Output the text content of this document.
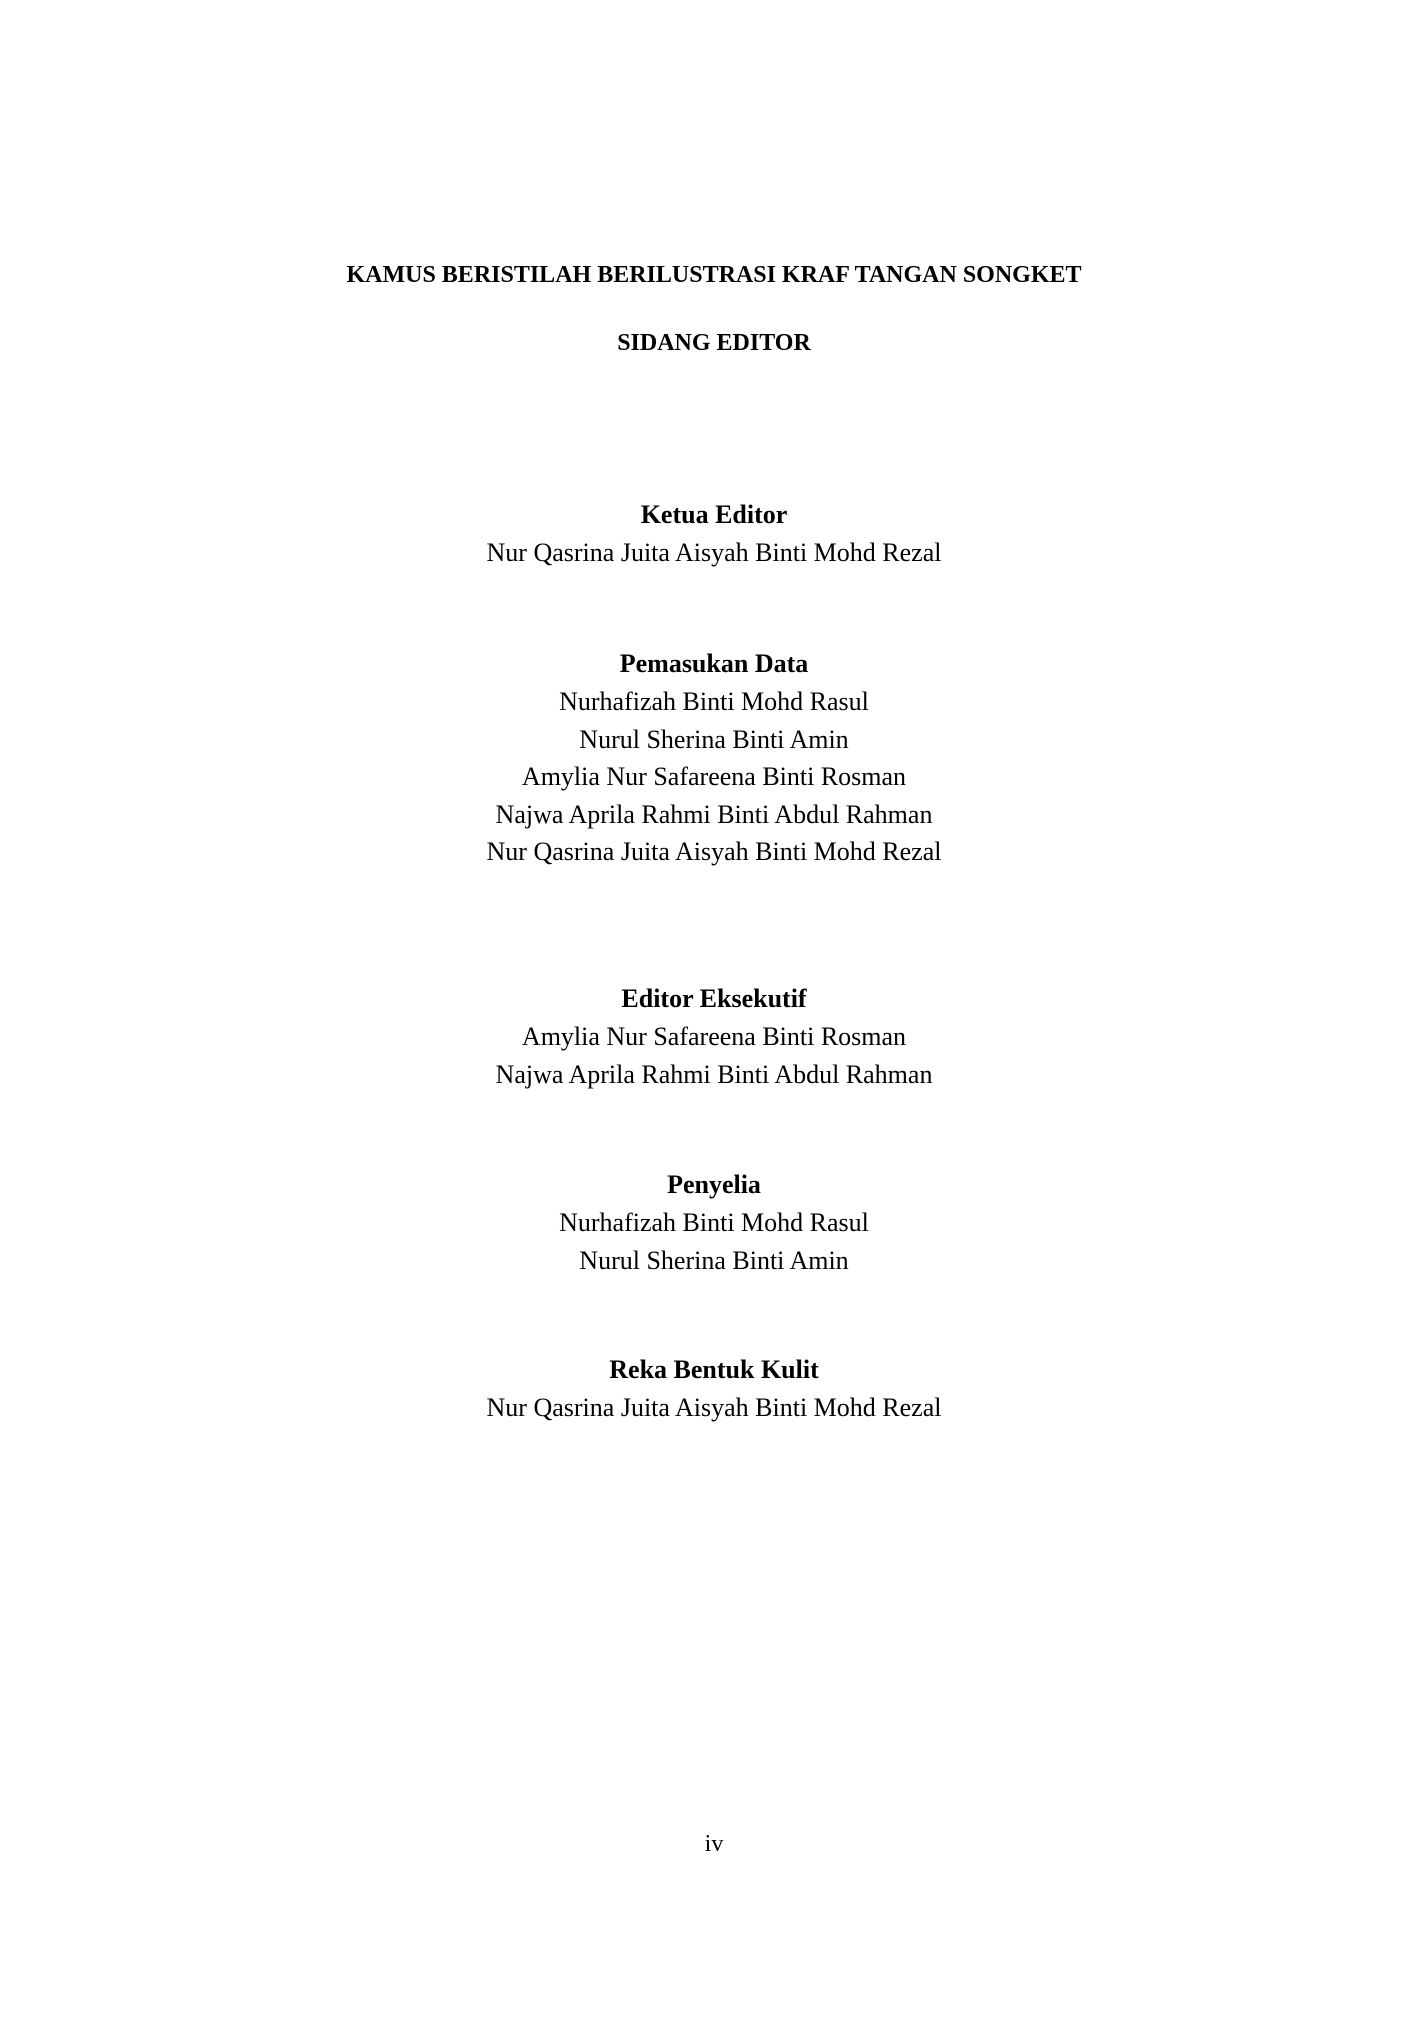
KAMUS BERISTILAH BERILUSTRASI KRAF TANGAN SONGKET
SIDANG EDITOR
Ketua Editor
Nur Qasrina Juita Aisyah Binti Mohd Rezal
Pemasukan Data
Nurhafizah Binti Mohd Rasul
Nurul Sherina Binti Amin
Amylia Nur Safareena Binti Rosman
Najwa Aprila Rahmi Binti Abdul Rahman
Nur Qasrina Juita Aisyah Binti Mohd Rezal
Editor Eksekutif
Amylia Nur Safareena Binti Rosman
Najwa Aprila Rahmi Binti Abdul Rahman
Penyelia
Nurhafizah Binti Mohd Rasul
Nurul Sherina Binti Amin
Reka Bentuk Kulit
Nur Qasrina Juita Aisyah Binti Mohd Rezal
iv
